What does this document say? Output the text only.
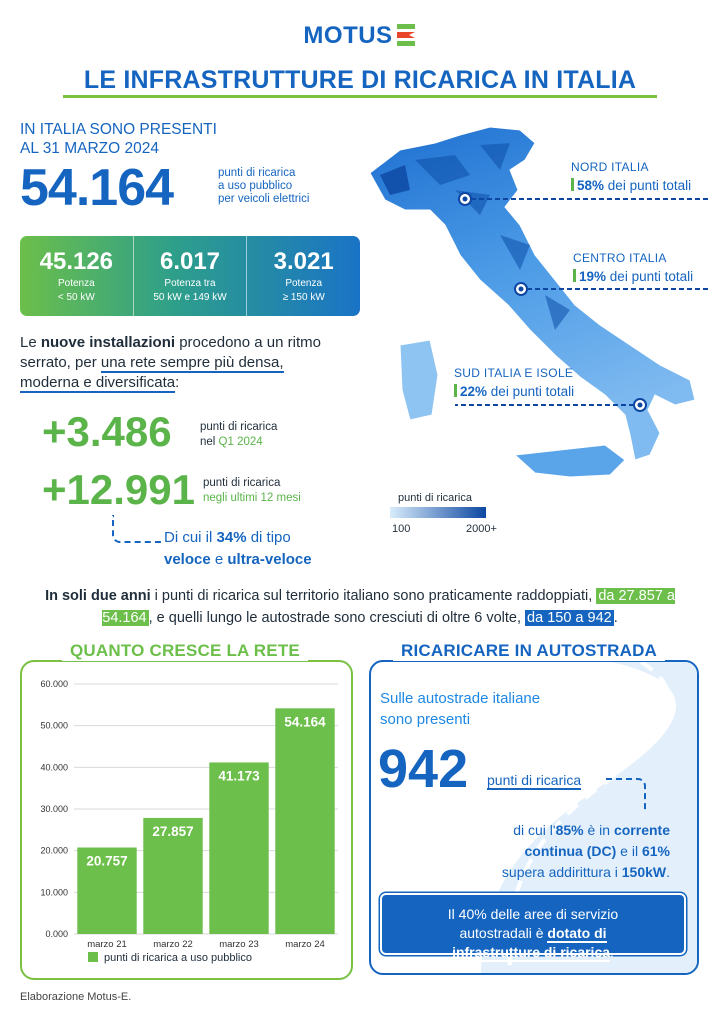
MOTUS
LE INFRASTRUTTURE DI RICARICA IN ITALIA
IN ITALIA SONO PRESENTI
AL 31 MARZO 2024
54.164	punti di ricarica
a uso pubblico
per veicoli elettrici
45.126
Potenza
< 50 kW
6.017
Potenza tra
50 kW e 149 kW
3.021
Potenza
≥ 150 kW
Le nuove installazioni procedono a un ritmo serrato, per una rete sempre più densa, moderna e diversificata:
+3.486 punti di ricarica
nel Q1 2024
+12.991 punti di ricarica
negli ultimi 12 mesi
Di cui il 34% di tipo
veloce e ultra-veloce
NORD ITALIA
58% dei punti totali
CENTRO ITALIA
19% dei punti totali
SUD ITALIA E ISOLE
22% dei punti totali
punti di ricarica
100	2000+
In soli due anni i punti di ricarica sul territorio italiano sono praticamente raddoppiati, da 27.857 a 54.164 , e quelli lungo le autostrade sono cresciuti di oltre 6 volte, da 150 a 942 .
QUANTO CRESCE LA RETE
0.000
10.000
20.000
30.000
40.000
50.000
60.000
20.757
marzo 21
27.857
marzo 22
41.173
marzo 23
54.164
marzo 24
punti di ricarica a uso pubblico
RICARICARE IN AUTOSTRADA
Sulle autostrade italiane
sono presenti
942 punti di ricarica
di cui l'85% è in corrente
continua (DC) e il 61%
supera addirittura i 150kW.
Il 40% delle aree di servizio
autostradali è dotato di
infrastrutture di ricarica.
Elaborazione Motus-E.
